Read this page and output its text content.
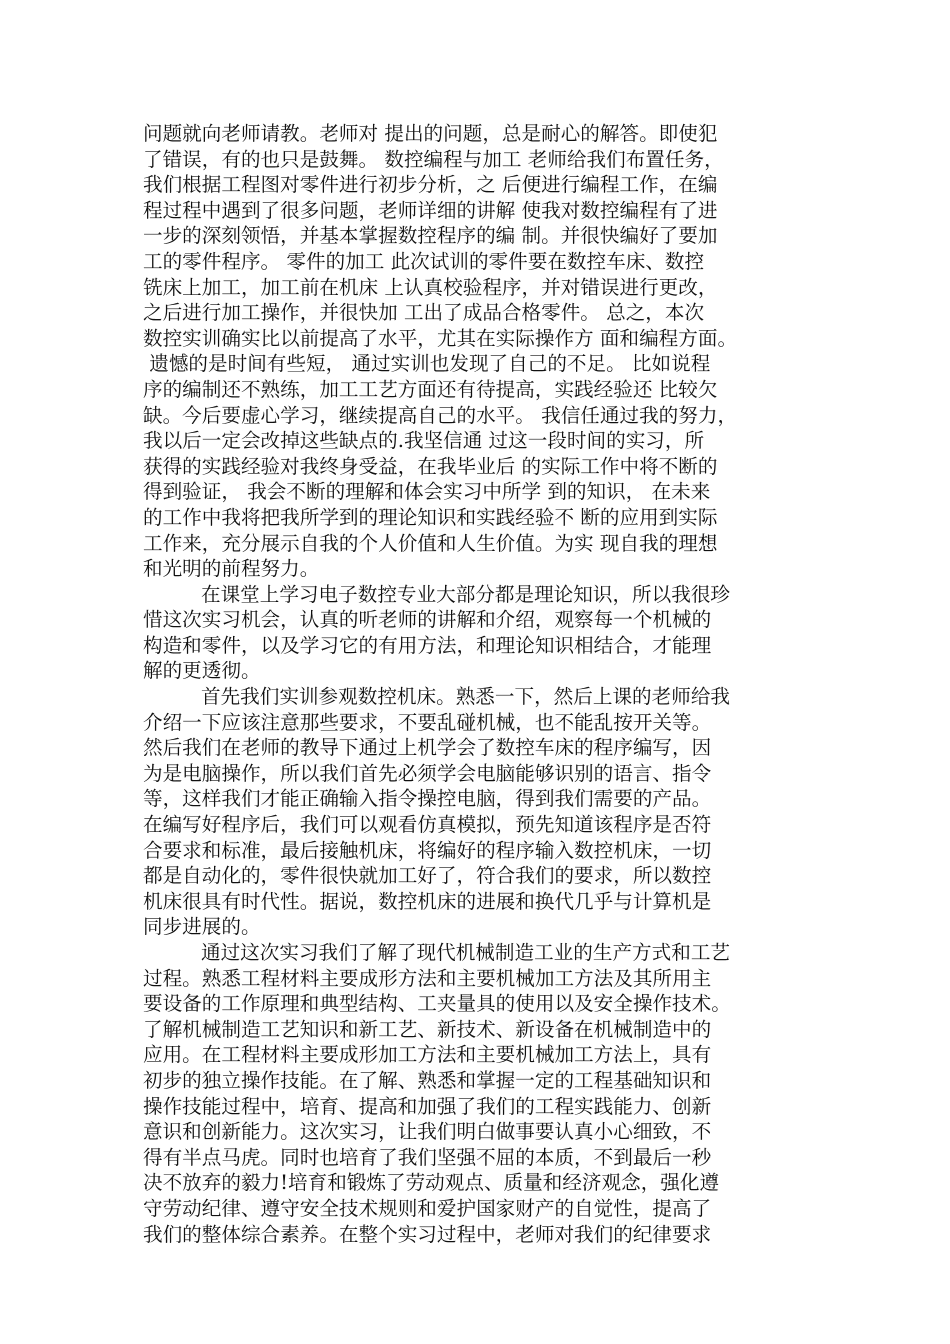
问题就向老师请教。老师对 提出的问题，总是耐心的解答。即使犯
了错误，有的也只是鼓舞。 数控编程与加工 老师给我们布置任务，
我们根据工程图对零件进行初步分析，之 后便进行编程工作，在编
程过程中遇到了很多问题，老师详细的讲解 使我对数控编程有了进
一步的深刻领悟，并基本掌握数控程序的编 制。并很快编好了要加
工的零件程序。 零件的加工 此次试训的零件要在数控车床、数控
铣床上加工，加工前在机床 上认真校验程序，并对错误进行更改，
之后进行加工操作，并很快加 工出了成品合格零件。 总之，本次
数控实训确实比以前提高了水平，尤其在实际操作方 面和编程方面。
遗憾的是时间有些短， 通过实训也发现了自己的不足。 比如说程
序的编制还不熟练，加工工艺方面还有待提高，实践经验还 比较欠
缺。今后要虚心学习，继续提高自己的水平。 我信任通过我的努力，
我以后一定会改掉这些缺点的.我坚信通 过这一段时间的实习，所
获得的实践经验对我终身受益，在我毕业后 的实际工作中将不断的
得到验证， 我会不断的理解和体会实习中所学 到的知识， 在未来
的工作中我将把我所学到的理论知识和实践经验不 断的应用到实际
工作来，充分展示自我的个人价值和人生价值。为实 现自我的理想
和光明的前程努力。
在课堂上学习电子数控专业大部分都是理论知识，所以我很珍
惜这次实习机会，认真的听老师的讲解和介绍，观察每一个机械的
构造和零件，以及学习它的有用方法，和理论知识相结合，才能理
解的更透彻。
首先我们实训参观数控机床。熟悉一下，然后上课的老师给我
介绍一下应该注意那些要求，不要乱碰机械，也不能乱按开关等。
然后我们在老师的教导下通过上机学会了数控车床的程序编写，因
为是电脑操作，所以我们首先必须学会电脑能够识别的语言、指令
等，这样我们才能正确输入指令操控电脑，得到我们需要的产品。
在编写好程序后，我们可以观看仿真模拟，预先知道该程序是否符
合要求和标准，最后接触机床，将编好的程序输入数控机床，一切
都是自动化的，零件很快就加工好了，符合我们的要求，所以数控
机床很具有时代性。据说，数控机床的进展和换代几乎与计算机是
同步进展的。
通过这次实习我们了解了现代机械制造工业的生产方式和工艺
过程。熟悉工程材料主要成形方法和主要机械加工方法及其所用主
要设备的工作原理和典型结构、工夹量具的使用以及安全操作技术。
了解机械制造工艺知识和新工艺、新技术、新设备在机械制造中的
应用。在工程材料主要成形加工方法和主要机械加工方法上，具有
初步的独立操作技能。在了解、熟悉和掌握一定的工程基础知识和
操作技能过程中，培育、提高和加强了我们的工程实践能力、创新
意识和创新能力。这次实习，让我们明白做事要认真小心细致，不
得有半点马虎。同时也培育了我们坚强不屈的本质，不到最后一秒
决不放弃的毅力!培育和锻炼了劳动观点、质量和经济观念，强化遵
守劳动纪律、遵守安全技术规则和爱护国家财产的自觉性，提高了
我们的整体综合素养。在整个实习过程中，老师对我们的纪律要求
